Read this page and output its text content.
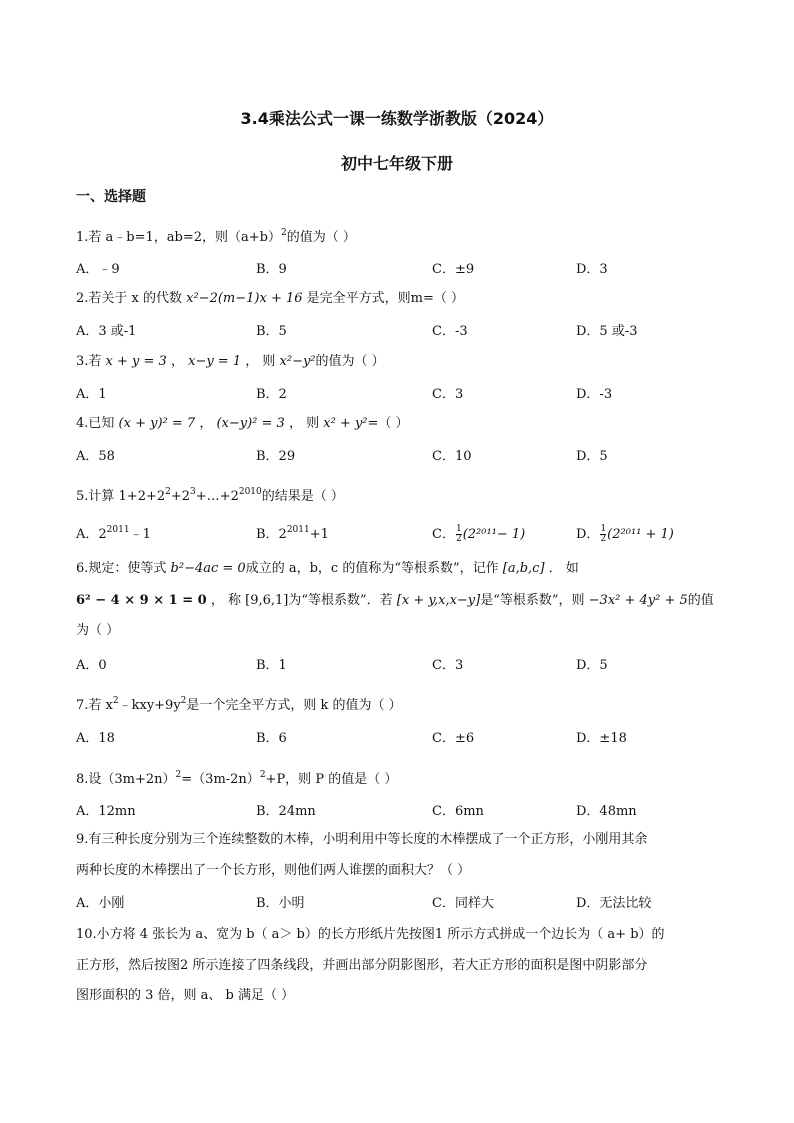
3.4乘法公式一课一练数学浙教版（2024）
初中七年级下册
一、选择题
1.若 a﹣b=1，ab=2，则$(a+b)^2$的值为（ ）
A．﹣9	B．9	C．±9	D．3
2.若关于 x 的代数 x²−2(m−1)x + 16 是完全平方式，则m=（ ）
A．3 或-1	B．5	C．-3	D．5 或-3
3.若 x + y = 3 ， x−y = 1 ， 则 x²−y²的值为（ ）
A．1	B．2	C．3	D．-3
4.已知 (x + y)² = 7 ， (x−y)² = 3 ， 则 x² + y²=（ ）
A．58	B．29	C．10	D．5
5.计算 $1+2+2^2+2^3+\dots+2^{2010}$的结果是（ ）
A．$2^{2011}﹣1$	B．$2^{2011}+1$	C． $\frac{1}{2} (2^{2011}- 1)$	D． $\frac{1}{2} (2^{2011} + 1)$
6.规定：使等式 b²−4ac = 0成立的 a，b，c 的值称为“等根系数”，记作 [a,b,c] ． 如
6² − 4 × 9 × 1 = 0 ， 称 [9,6,1]为“等根系数”．若 [x + y,x,x−y]是“等根系数”，则 −3x² + 4y² + 5的值
为（ ）
A．0	B．1	C．3	D．5
7.若 $x^2﹣kxy+9y^2$是一个完全平方式，则 k 的值为（ ）
A．18	B．6	C．±6	D．±18
8.设$(3m+2n)^2=(3m-2n)^2+P$，则 P 的值是（ ）
A．12mn	B．24mn	C．6mn	D．48mn
9.有三种长度分别为三个连续整数的木棒，小明利用中等长度的木棒摆成了一个正方形，小刚用其余
两种长度的木棒摆出了一个长方形，则他们两人谁摆的面积大？（ ）
A．小刚	B．小明	C．同样大	D．无法比较
10.小方将 4 张长为 a、宽为 b（ a＞ b）的长方形纸片先按图1 所示方式拼成一个边长为（ a+ b）的
正方形，然后按图2 所示连接了四条线段，并画出部分阴影图形，若大正方形的面积是图中阴影部分
图形面积的 3 倍，则 a、 b 满足（ ）
